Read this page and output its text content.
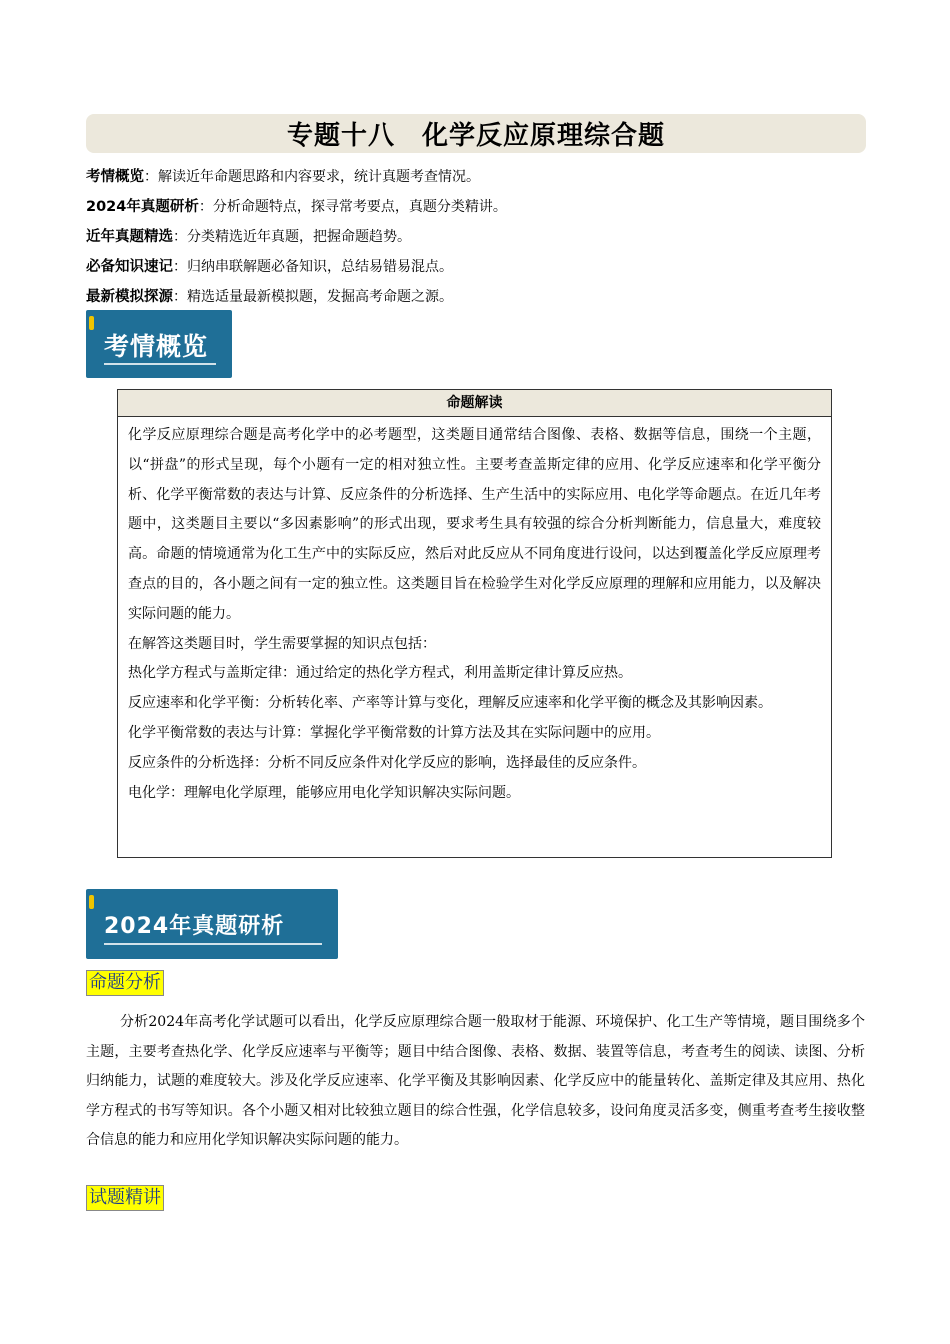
专题十八　化学反应原理综合题
考情概览：解读近年命题思路和内容要求，统计真题考查情况。
2024年真题研析：分析命题特点，探寻常考要点，真题分类精讲。
近年真题精选：分类精选近年真题，把握命题趋势。
必备知识速记：归纳串联解题必备知识，总结易错易混点。
最新模拟探源：精选适量最新模拟题，发掘高考命题之源。
考情概览
命题解读

化学反应原理综合题是高考化学中的必考题型，这类题目通常结合图像、表格、数据等信息，围绕一个主题，以“拼盘”的形式呈现，每个小题有一定的相对独立性。主要考查盖斯定律的应用、化学反应速率和化学平衡分析、化学平衡常数的表达与计算、反应条件的分析选择、生产生活中的实际应用、电化学等命题点。在近几年考题中，这类题目主要以“多因素影响”的形式出现，要求考生具有较强的综合分析判断能力，信息量大，难度较高。命题的情境通常为化工生产中的实际反应，然后对此反应从不同角度进行设问，以达到覆盖化学反应原理考查点的目的，各小题之间有一定的独立性。这类题目旨在检验学生对化学反应原理的理解和应用能力，以及解决实际问题的能力。

在解答这类题目时，学生需要掌握的知识点包括：

热化学方程式与盖斯定律：通过给定的热化学方程式，利用盖斯定律计算反应热。

反应速率和化学平衡：分析转化率、产率等计算与变化，理解反应速率和化学平衡的概念及其影响因素。

化学平衡常数的表达与计算：掌握化学平衡常数的计算方法及其在实际问题中的应用。

反应条件的分析选择：分析不同反应条件对化学反应的影响，选择最佳的反应条件。

电化学：理解电化学原理，能够应用电化学知识解决实际问题。

2024年真题研析
命题分析

分析2024年高考化学试题可以看出，化学反应原理综合题一般取材于能源、环境保护、化工生产等情境，题目围绕多个主题，主要考查热化学、化学反应速率与平衡等；题目中结合图像、表格、数据、装置等信息，考查考生的阅读、读图、分析归纳能力，试题的难度较大。涉及化学反应速率、化学平衡及其影响因素、化学反应中的能量转化、盖斯定律及其应用、热化学方程式的书写等知识。各个小题又相对比较独立题目的综合性强，化学信息较多，设问角度灵活多变，侧重考查考生接收整合信息的能力和应用化学知识解决实际问题的能力。

试题精讲
